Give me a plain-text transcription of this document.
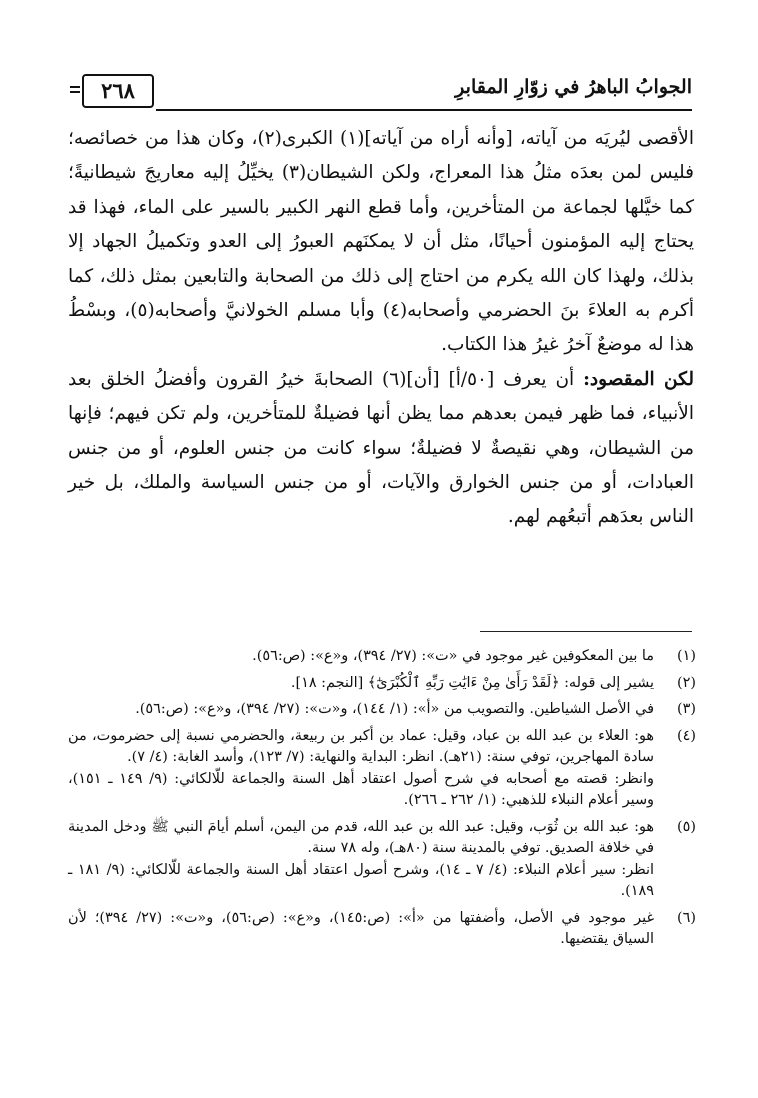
٢٦٨	الجوابُ الباهرُ في زوّارِ المقابرِ

الأقصى ليُريَه من آياته، [وأنه أراه من آياته](١) الكبرى(٢)، وكان هذا من خصائصه؛ فليس لمن بعدَه مثلُ هذا المعراج، ولكن الشيطان(٣) يخيِّلُ إليه معاريجَ شيطانيةً؛ كما خيَّلها لجماعة من المتأخرين، وأما قطع النهر الكبير بالسير على الماء، فهذا قد يحتاج إليه المؤمنون أحيانًا، مثل أن لا يمكنَهم العبورُ إلى العدو وتكميلُ الجهاد إلا بذلك، ولهذا كان الله يكرم من احتاج إلى ذلك من الصحابة والتابعين بمثل ذلك، كما أكرم به العلاءَ بنَ الحضرمي وأصحابه(٤) وأبا مسلم الخولانيَّ وأصحابه(٥)، وبسْطُ هذا له موضعٌ آخرُ غيرُ هذا الكتاب.

لكن المقصود: أن يعرف [٥٠/أ] [أن](٦) الصحابةَ خيرُ القرون وأفضلُ الخلق بعد الأنبياء، فما ظهر فيمن بعدهم مما يظن أنها فضيلةٌ للمتأخرين، ولم تكن فيهم؛ فإنها من الشيطان، وهي نقيصةٌ لا فضيلةٌ؛ سواء كانت من جنس العلوم، أو من جنس العبادات، أو من جنس الخوارق والآيات، أو من جنس السياسة والملك، بل خير الناس بعدَهم أتبعُهم لهم.

(١)
ما بين المعكوفين غير موجود في «ت»: (٢٧/ ٣٩٤)، و«ع»: (ص:٥٦).
(٢)
يشير إلى قوله: ﴿لَقَدْ رَأَىٰ مِنْ ءَايَٰتِ رَبِّهِ ٱلْكُبْرَىٰٓ﴾ [النجم: ١٨].
(٣)
في الأصل الشياطين. والتصويب من «أ»: (١/ ١٤٤)، و«ت»: (٢٧/ ٣٩٤)، و«ع»: (ص:٥٦).
(٤)
هو: العلاء بن عبد الله بن عباد، وقيل: عماد بن أكبر بن ربيعة، والحضرمي نسبة إلى حضرموت، من سادة المهاجرين، توفي سنة: (٢١هـ). انظر: البداية والنهاية: (٧/ ١٢٣)، وأسد الغابة: (٤/ ٧).
وانظر: قصته مع أصحابه في شرح أصول اعتقاد أهل السنة والجماعة للّالكائي: (٩/ ١٤٩ ـ ١٥١)، وسير أعلام النبلاء للذهبي: (١/ ٢٦٢ ـ ٢٦٦).
(٥)
هو: عبد الله بن ثُوَب، وقيل: عبد الله بن عبد الله، قدم من اليمن، أسلم أيامَ النبي ﷺ ودخل المدينة في خلافة الصديق. توفي بالمدينة سنة (٨٠هـ)، وله ٧٨ سنة.
انظر: سير أعلام النبلاء: (٤/ ٧ ـ ١٤)، وشرح أصول اعتقاد أهل السنة والجماعة للّالكائي: (٩/ ١٨١ ـ ١٨٩).
(٦)
غير موجود في الأصل، وأضفتها من «أ»: (ص:١٤٥)، و«ع»: (ص:٥٦)، و«ت»: (٢٧/ ٣٩٤)؛ لأن السياق يقتضيها.
